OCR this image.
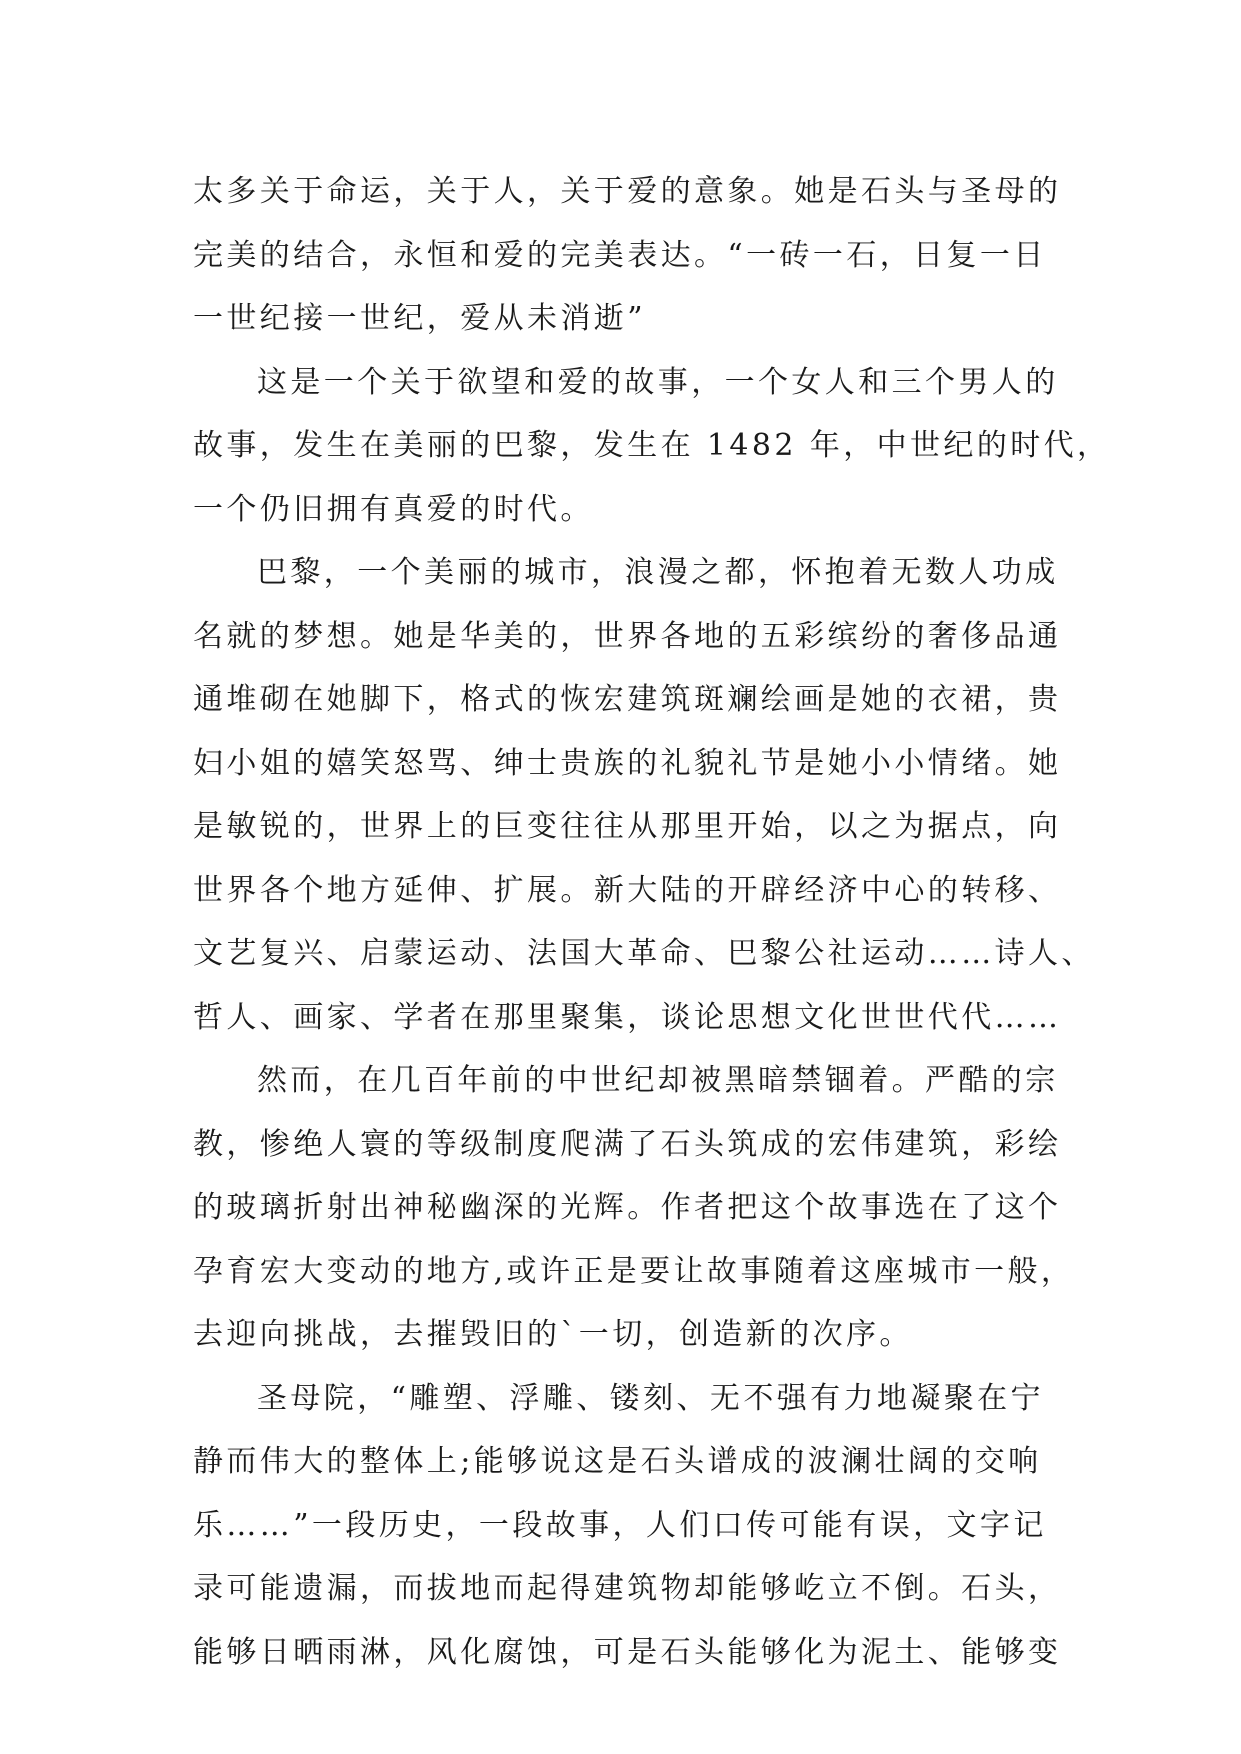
太多关于命运，关于人，关于爱的意象。她是石头与圣母的
完美的结合，永恒和爱的完美表达。“一砖一石，日复一日
一世纪接一世纪，爱从未消逝”
这是一个关于欲望和爱的故事，一个女人和三个男人的
故事，发生在美丽的巴黎，发生在 1482 年，中世纪的时代，
一个仍旧拥有真爱的时代。
巴黎，一个美丽的城市，浪漫之都，怀抱着无数人功成
名就的梦想。她是华美的，世界各地的五彩缤纷的奢侈品通
通堆砌在她脚下，格式的恢宏建筑斑斓绘画是她的衣裙，贵
妇小姐的嬉笑怒骂、绅士贵族的礼貌礼节是她小小情绪。她
是敏锐的，世界上的巨变往往从那里开始，以之为据点，向
世界各个地方延伸、扩展。新大陆的开辟经济中心的转移、
文艺复兴、启蒙运动、法国大革命、巴黎公社运动……诗人、
哲人、画家、学者在那里聚集，谈论思想文化世世代代……
然而，在几百年前的中世纪却被黑暗禁锢着。严酷的宗
教，惨绝人寰的等级制度爬满了石头筑成的宏伟建筑，彩绘
的玻璃折射出神秘幽深的光辉。作者把这个故事选在了这个
孕育宏大变动的地方,或许正是要让故事随着这座城市一般，
去迎向挑战，去摧毁旧的`一切，创造新的次序。
圣母院，“雕塑、浮雕、镂刻、无不强有力地凝聚在宁
静而伟大的整体上;能够说这是石头谱成的波澜壮阔的交响
乐……”一段历史，一段故事，人们口传可能有误，文字记
录可能遗漏，而拔地而起得建筑物却能够屹立不倒。石头，
能够日晒雨淋，风化腐蚀，可是石头能够化为泥土、能够变
